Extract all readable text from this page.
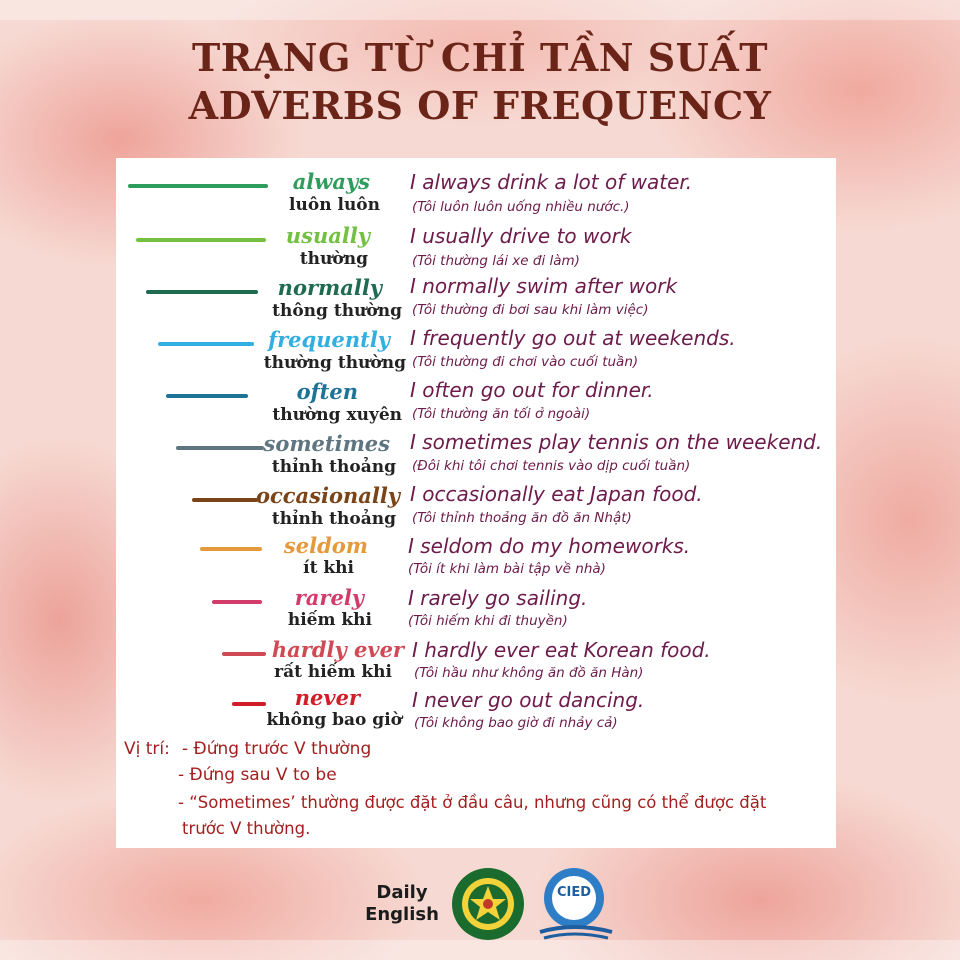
TRẠNG TỪ CHỈ TẦN SUẤT
ADVERBS OF FREQUENCY
always
luôn luôn
I always drink a lot of water.
(Tôi luôn luôn uống nhiều nước.)
usually
thường
I usually drive to work
(Tôi thường lái xe đi làm)
normally
thông thường
I normally swim after work
(Tôi thường đi bơi sau khi làm việc)
frequently
thường thường
I frequently go out at weekends.
(Tôi thường đi chơi vào cuối tuần)
often
thường xuyên
I often go out for dinner.
(Tôi thường ăn tối ở ngoài)
sometimes
thỉnh thoảng
I sometimes play tennis on the weekend.
(Đôi khi tôi chơi tennis vào dịp cuối tuần)
occasionally
thỉnh thoảng
I occasionally eat Japan food.
(Tôi thỉnh thoảng ăn đồ ăn Nhật)
seldom
ít khi
I seldom do my homeworks.
(Tôi ít khi làm bài tập về nhà)
rarely
hiếm khi
I rarely go sailing.
(Tôi hiếm khi đi thuyền)
hardly ever
rất hiếm khi
I hardly ever eat Korean food.
(Tôi hầu như không ăn đồ ăn Hàn)
never
không bao giờ
I never go out dancing.
(Tôi không bao giờ đi nhảy cả)
Vị trí: - Đứng trước V thường
- Đứng sau V to be
- “Sometimes’ thường được đặt ở đầu câu, nhưng cũng có thể được đặt
trước V thường.
Daily
English
CIED
